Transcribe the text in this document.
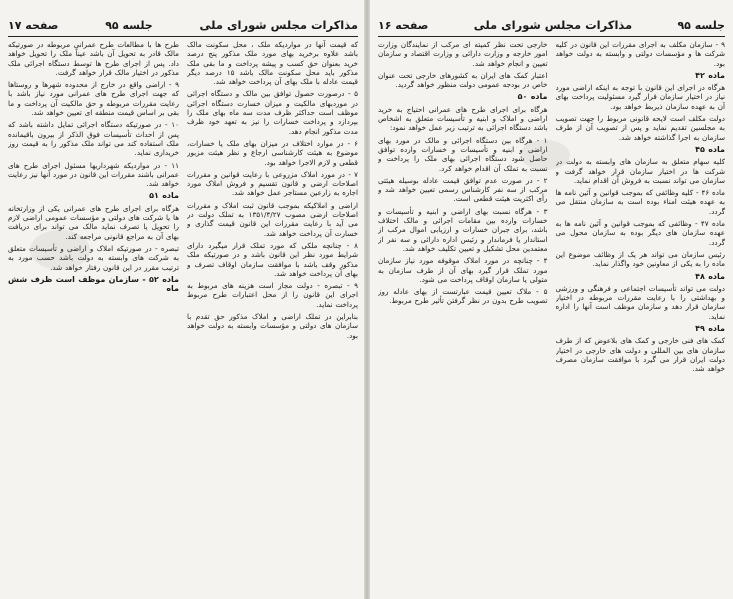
مذاکرات مجلس شورای ملی
جلسه ۹۵
صفحه ۱۷

که قیمت آنها در مواردیکه ملک ، محل سکونت مالک باشد علاوه برخرید بهای مورد ملک مذکور پنج درصد خرید بعنوان حق کسب و پیشه پرداخت و ما بقی ملک مذکور باید محل سکونت مالک باشد ۱۵ درصد دیگر قیمت عادله با ملک بهای آن پرداخت خواهد شد.

۵ - درصورت حصول توافق بین مالک و دستگاه اجرائی در موردبهای مالکیت و میزان خسارت دستگاه اجرائی موظف است حداکثر ظرف مدت سه ماه بهای ملک را بپردازد و پرداخت خسارات را نیز به تعهد خود ظرف مدت مذکور انجام دهد.

۶ - در موارد اختلاف در میزان بهای ملک یا خسارات، موضوع به هیئت کارشناسی ارجاع و نظر هیئت مزبور قطعی و لازم الاجرا خواهد بود.

۷ - در مورد املاک مزروعی با رعایت قوانین و مقررات اصلاحات ارضی و قانون تقسیم و فروش املاک مورد اجاره به زارعین مستاجر عمل خواهد شد.

اراضی و املاکیکه بموجب قانون ثبت املاک و مقررات اصلاحات ارضی مصوب ۱۳۵۱/۴/۲۷ به تملک دولت در می آید با رعایت مقررات این قانون قیمت گذاری و خسارت آن پرداخت خواهد شد.

۸ - چنانچه ملکی که مورد تملک قرار میگیرد دارای شرایط مورد نظر این قانون باشد و در صورتیکه ملک مذکور وقف باشد با موافقت سازمان اوقاف تصرف و بهای آن پرداخت خواهد شد.

۹ - تبصره - دولت مجاز است هزینه های مربوط به اجرای این قانون را از محل اعتبارات طرح مربوط پرداخت نماید.

بنابراین در تملک اراضی و املاک مذکور حق تقدم با سازمان های دولتی و مؤسسات وابسته به دولت خواهد بود.

طرح ها با مطالعات طرح عمرانی مربوطه در صورتیکه مالک قادر به تحویل آن باشد عیناً ملک را تحویل خواهد داد. پس از اجرای طرح ها توسط دستگاه اجرائی ملک مذکور در اختیار مالک قرار خواهد گرفت.

۹ - اراضی واقع در خارج از محدوده شهرها و روستاها که جهت اجرای طرح های عمرانی مورد نیاز باشد با رعایت مقررات مربوطه و حق مالکیت آن پرداخت و ما بقی بر اساس قیمت منطقه ای تعیین خواهد شد.

۱۰ - در صورتیکه دستگاه اجرائی تمایل داشته باشد که پس از احداث تأسیسات فوق الذکر از بیرون باقیمانده ملک استفاده کند می تواند ملک مذکور را به قیمت روز خریداری نماید.

۱۱ - در مواردیکه شهرداریها مسئول اجرای طرح های عمرانی باشند مقررات این قانون در مورد آنها نیز رعایت خواهد شد.

ماده ۵۱

هرگاه برای اجرای طرح های عمرانی یکی از وزارتخانه ها یا شرکت های دولتی و مؤسسات عمومی اراضی لازم را تحویل یا تصرف نماید مالک می تواند برای دریافت بهای آن به مراجع قانونی مراجعه کند.

تبصره - در صورتیکه املاک و اراضی و تأسیسات متعلق به شرکت های وابسته به دولت باشد حسب مورد به ترتیب مقرر در این قانون رفتار خواهد شد.

ماده ۵۲ - سازمان موظف است ظرف شش ماه

جلسه ۹۵
مذاکرات مجلس شورای ملی
صفحه ۱۶

۹ - سازمان مکلف به اجرای مقررات این قانون در کلیه شرکت ها و مؤسسات دولتی و وابسته به دولت خواهد بود.

ماده ۴۲

هرگاه در اجرای این قانون با توجه به اینکه اراضی مورد نیاز در اختیار سازمان قرار گیرد مسئولیت پرداخت بهای آن به عهده سازمان ذیربط خواهد بود.

دولت مکلف است لایحه قانونی مربوط را جهت تصویب به مجلسین تقدیم نماید و پس از تصویب آن از طرف سازمان به اجرا گذاشته خواهد شد.

ماده ۴۵

کلیه سهام متعلق به سازمان های وابسته به دولت در شرکت ها در اختیار سازمان قرار خواهد گرفت و سازمان می تواند نسبت به فروش آن اقدام نماید.

ماده ۴۶ - کلیه وظائفی که بموجب قوانین و آئین نامه ها به عهده هیئت امناء بوده است به سازمان منتقل می گردد.

ماده ۴۷ - وظائفی که بموجب قوانین و آئین نامه ها به عهده سازمان های دیگر بوده به سازمان محول می گردد.

رئیس سازمان می تواند هر یک از وظائف موضوع این ماده را به یکی از معاونین خود واگذار نماید.

ماده ۴۸

دولت می تواند تأسیسات اجتماعی و فرهنگی و ورزشی و بهداشتی را با رعایت مقررات مربوطه در اختیار سازمان قرار دهد و سازمان موظف است آنها را اداره نماید.

ماده ۴۹

کمک های فنی خارجی و کمک های بلاعوض که از طرف سازمان های بین المللی و دولت های خارجی در اختیار دولت ایران قرار می گیرد با موافقت سازمان مصرف خواهد شد.

خارجی تحت نظر کمیته ای مرکب از نمایندگان وزارت امور خارجه و وزارت دارائی و وزارت اقتصاد و سازمان تعیین و انجام خواهد شد.

اعتبار کمک های ایران به کشورهای خارجی تحت عنوان خاص در بودجه عمومی دولت منظور خواهد گردید.

ماده ۵۰

هرگاه برای اجرای طرح های عمرانی احتیاج به خرید اراضی و املاک و ابنیه و تأسیسات متعلق به اشخاص باشد دستگاه اجرائی به ترتیب زیر عمل خواهد نمود:

۱ - هرگاه بین دستگاه اجرائی و مالک در مورد بهای اراضی و ابنیه و تأسیسات و خسارات وارده توافق حاصل شود دستگاه اجرائی بهای ملک را پرداخت و نسبت به تملک آن اقدام خواهد کرد.

۲ - در صورت عدم توافق قیمت عادله بوسیله هیئتی مرکب از سه نفر کارشناس رسمی تعیین خواهد شد و رأی اکثریت هیئت قطعی است.

۳ - هرگاه نسبت بهای اراضی و ابنیه و تأسیسات و خسارات وارده بین مقامات اجرائی و مالک اختلاف باشد، برای جبران خسارات و ارزیابی اموال مرکب از استاندار یا فرماندار و رئیس اداره دارائی و سه نفر از معتمدین محل تشکیل و تعیین تکلیف خواهد شد.

۴ - چنانچه در مورد املاک موقوفه مورد نیاز سازمان مورد تملک قرار گیرد بهای آن از طرف سازمان به متولی یا سازمان اوقاف پرداخت می شود.

۵ - ملاک تعیین قیمت عبارتست از بهای عادله روز تصویب طرح بدون در نظر گرفتن تأثیر طرح مربوط.
